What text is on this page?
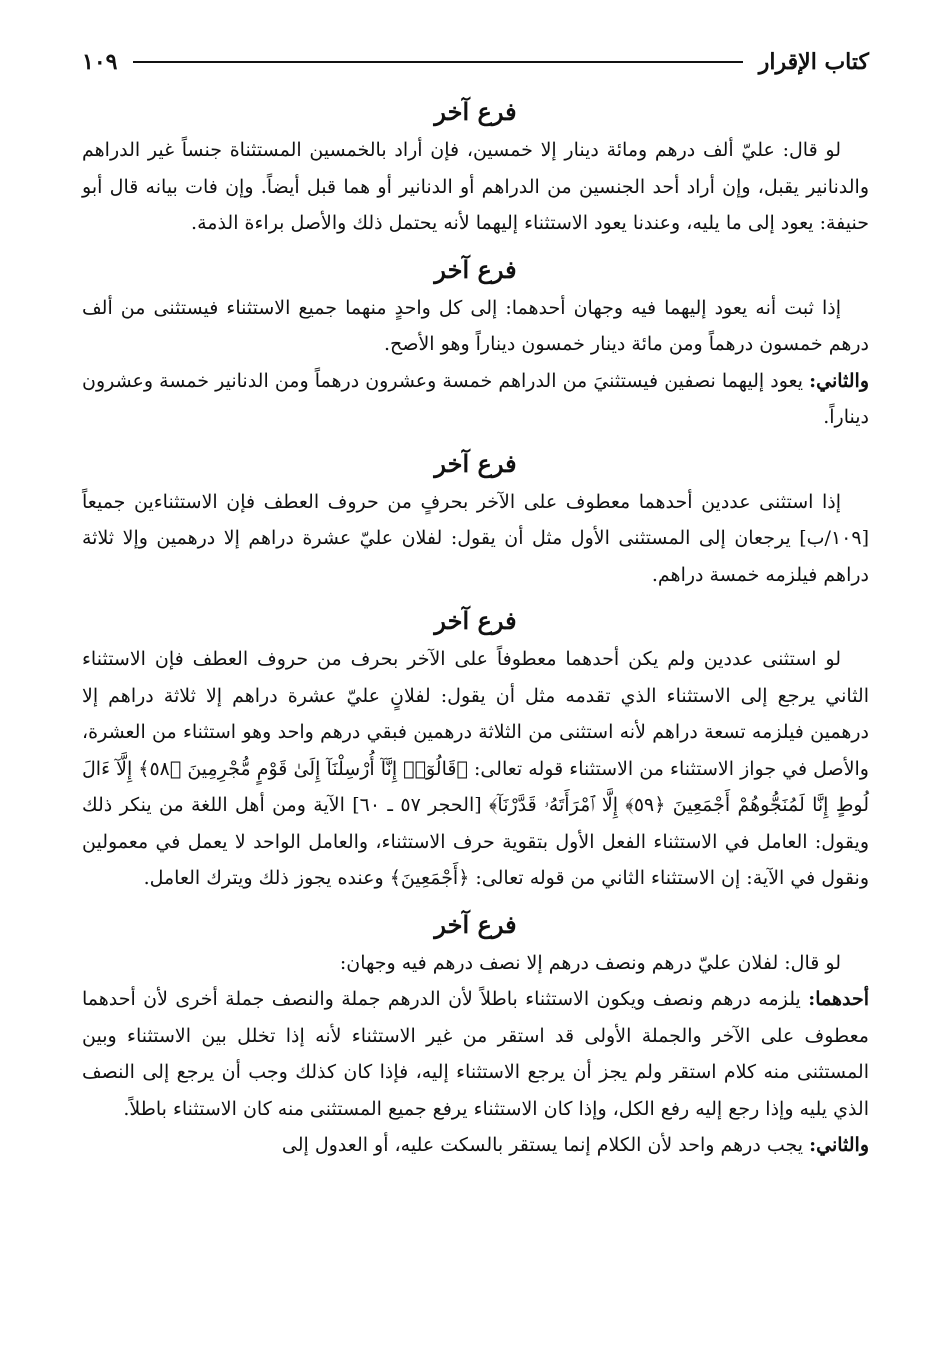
كتاب الإقرار
١٠٩
فرع آخر

لو قال: عليّ ألف درهم ومائة دينار إلا خمسين، فإن أراد بالخمسين المستثناة جنساً غير الدراهم والدنانير يقبل، وإن أراد أحد الجنسين من الدراهم أو الدنانير أو هما قبل أيضاً. وإن فات بيانه قال أبو حنيفة: يعود إلى ما يليه، وعندنا يعود الاستثناء إليهما لأنه يحتمل ذلك والأصل براءة الذمة.

فرع آخر

إذا ثبت أنه يعود إليهما فيه وجهان أحدهما: إلى كل واحدٍ منهما جميع الاستثناء فيستثنى من ألف درهم خمسون درهماً ومن مائة دينار خمسون ديناراً وهو الأصح.

والثاني: يعود إليهما نصفين فيستثنيَ من الدراهم خمسة وعشرون درهماً ومن الدنانير خمسة وعشرون ديناراً.

فرع آخر

إذا استثنى عددين أحدهما معطوف على الآخر بحرفٍ من حروف العطف فإن الاستثناءين جميعاً [١٠٩/ب] يرجعان إلى المستثنى الأول مثل أن يقول: لفلان عليّ عشرة دراهم إلا درهمين وإلا ثلاثة دراهم فيلزمه خمسة دراهم.

فرع آخر

لو استثنى عددين ولم يكن أحدهما معطوفاً على الآخر بحرف من حروف العطف فإن الاستثناء الثاني يرجع إلى الاستثناء الذي تقدمه مثل أن يقول: لفلانٍ عليّ عشرة دراهم إلا ثلاثة دراهم إلا درهمين فيلزمه تسعة دراهم لأنه استثنى من الثلاثة درهمين فبقي درهم واحد وهو استثناء من العشرة، والأصل في جواز الاستثناء من الاستثناء قوله تعالى: ﴿قَالُوٓا۟ إِنَّآ أُرْسِلْنَآ إِلَىٰ قَوْمٍ مُّجْرِمِينَ ﴿٥٨﴾ إِلَّآ ءَالَ لُوطٍ إِنَّا لَمُنَجُّوهُمْ أَجْمَعِينَ ﴿٥٩﴾ إِلَّا ٱمْرَأَتَهُۥ قَدَّرْنَآ﴾ [الحجر ٥٧ ـ ٦٠] الآية ومن أهل اللغة من ينكر ذلك ويقول: العامل في الاستثناء الفعل الأول بتقوية حرف الاستثناء، والعامل الواحد لا يعمل في معمولين ونقول في الآية: إن الاستثناء الثاني من قوله تعالى: ﴿أَجْمَعِينَ﴾ وعنده يجوز ذلك ويترك العامل.

فرع آخر

لو قال: لفلان عليّ درهم ونصف درهم إلا نصف درهم فيه وجهان:

أحدهما: يلزمه درهم ونصف ويكون الاستثناء باطلاً لأن الدرهم جملة والنصف جملة أخرى لأن أحدهما معطوف على الآخر والجملة الأولى قد استقر من غير الاستثناء لأنه إذا تخلل بين الاستثناء وبين المستثنى منه كلام استقر ولم يجز أن يرجع الاستثناء إليه، فإذا كان كذلك وجب أن يرجع إلى النصف الذي يليه وإذا رجع إليه رفع الكل، وإذا كان الاستثناء يرفع جميع المستثنى منه كان الاستثناء باطلاً.

والثاني: يجب درهم واحد لأن الكلام إنما يستقر بالسكت عليه، أو العدول إلى
